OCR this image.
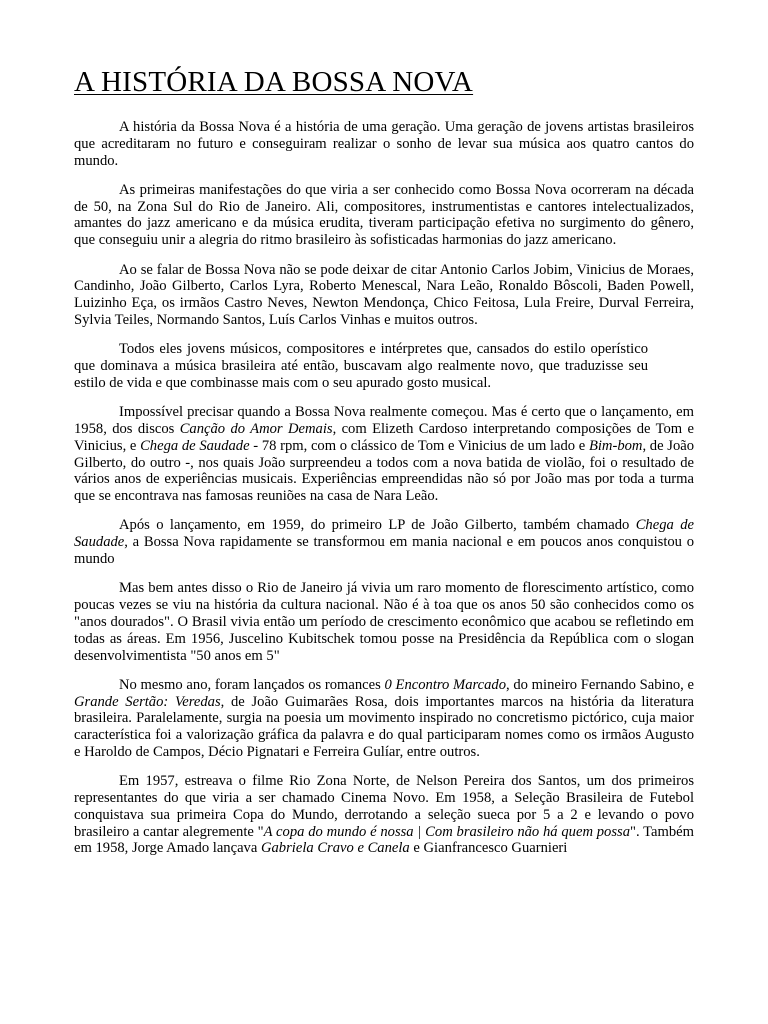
A HISTÓRIA DA BOSSA NOVA

A história da Bossa Nova é a história de uma geração. Uma geração de jovens artistas brasileiros que acreditaram no futuro e conseguiram realizar o sonho de levar sua música aos quatro cantos do mundo.

As primeiras manifestações do que viria a ser conhecido como Bossa Nova ocorreram na década de 50, na Zona Sul do Rio de Janeiro. Ali, compositores, instrumentistas e cantores intelectualizados, amantes do jazz americano e da música erudita, tiveram participação efetiva no surgimento do gênero, que conseguiu unir a alegria do ritmo brasileiro às sofisticadas harmonias do jazz americano.

Ao se falar de Bossa Nova não se pode deixar de citar Antonio Carlos Jobim, Vinicius de Moraes, Candinho, João Gilberto, Carlos Lyra, Roberto Menescal, Nara Leão, Ronaldo Bôscoli, Baden Powell, Luizinho Eça, os irmãos Castro Neves, Newton Mendonça, Chico Feitosa, Lula Freire, Durval Ferreira, Sylvia Teiles, Normando Santos, Luís Carlos Vinhas e muitos outros.

Todos eles jovens músicos, compositores e intérpretes que, cansados do estilo operístico que dominava a música brasileira até então, buscavam algo realmente novo, que traduzisse seu estilo de vida e que combinasse mais com o seu apurado gosto musical.

Impossível precisar quando a Bossa Nova realmente começou. Mas é certo que o lançamento, em 1958, dos discos Canção do Amor Demais, com Elizeth Cardoso interpretando composições de Tom e Vinicius, e Chega de Saudade - 78 rpm, com o clássico de Tom e Vinicius de um lado e Bim-bom, de João Gilberto, do outro -, nos quais João surpreendeu a todos com a nova batida de violão, foi o resultado de vários anos de experiências musicais. Experiências empreendidas não só por João mas por toda a turma que se encontrava nas famosas reuniões na casa de Nara Leão.

Após o lançamento, em 1959, do primeiro LP de João Gilberto, também chamado Chega de Saudade, a Bossa Nova rapidamente se transformou em mania nacional e em poucos anos conquistou o mundo

Mas bem antes disso o Rio de Janeiro já vivia um raro momento de florescimento artístico, como poucas vezes se viu na história da cultura nacional. Não é à toa que os anos 50 são conhecidos como os "anos dourados". O Brasil vivia então um período de crescimento econômico que acabou se refletindo em todas as áreas. Em 1956, Juscelino Kubitschek tomou posse na Presidência da República com o slogan desenvolvimentista "50 anos em 5"

No mesmo ano, foram lançados os romances 0 Encontro Marcado, do mineiro Fernando Sabino, e Grande Sertão: Veredas, de João Guimarães Rosa, dois importantes marcos na história da literatura brasileira. Paralelamente, surgia na poesia um movimento inspirado no concretismo pictórico, cuja maior característica foi a valorização gráfica da palavra e do qual participaram nomes como os irmãos Augusto e Haroldo de Campos, Décio Pignatari e Ferreira Gulíar, entre outros.

Em 1957, estreava o filme Rio Zona Norte, de Nelson Pereira dos Santos, um dos primeiros representantes do que viria a ser chamado Cinema Novo. Em 1958, a Seleção Brasileira de Futebol conquistava sua primeira Copa do Mundo, derrotando a seleção sueca por 5 a 2 e levando o povo brasileiro a cantar alegremente "A copa do mundo é nossa | Com brasileiro não há quem possa". Também em 1958, Jorge Amado lançava Gabriela Cravo e Canela e Gianfrancesco Guarnieri
